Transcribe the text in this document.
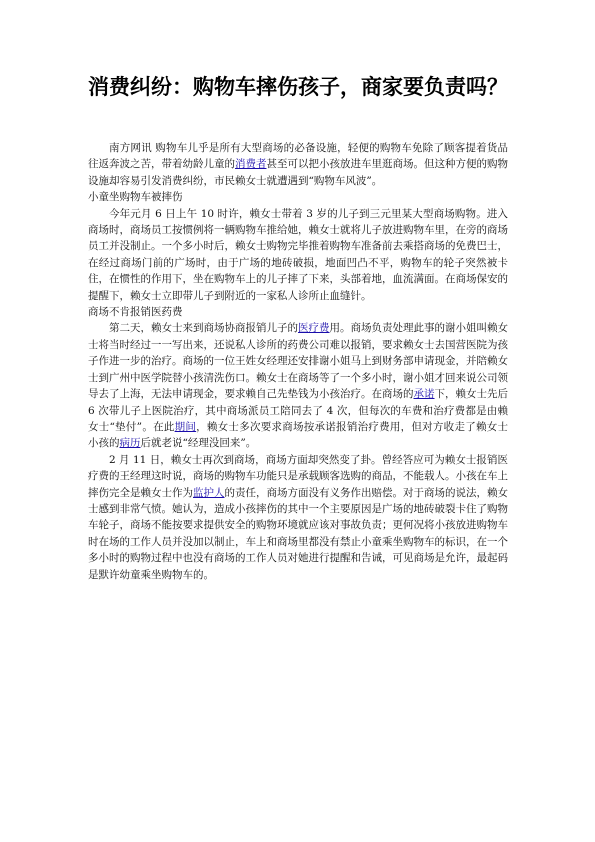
消费纠纷：购物车摔伤孩子，商家要负责吗？

南方网讯 购物车儿乎是所有大型商场的必备设施，轻便的购物车免除了顾客提着货品往返奔波之苦，带着幼龄儿童的消费者甚至可以把小孩放进车里逛商场。但这种方便的购物设施却容易引发消费纠纷，市民赖女士就遭遇到“购物车风波”。

小童坐购物车被摔伤

今年元月 6 日上午 10 时许，赖女士带着 3 岁的儿子到三元里某大型商场购物。进入商场时，商场员工按惯例将一辆购物车推给她，赖女士就将儿子放进购物车里，在旁的商场员工并没制止。一个多小时后，赖女士购物完毕推着购物车准备前去乘搭商场的免费巴士，在经过商场门前的广场时，由于广场的地砖破损，地面凹凸不平，购物车的轮子突然被卡住，在惯性的作用下，坐在购物车上的儿子摔了下来，头部着地，血流满面。在商场保安的提醒下，赖女士立即带儿子到附近的一家私人诊所止血缝针。

商场不肯报销医药费

第二天，赖女士来到商场协商报销儿子的医疗费用。商场负责处理此事的谢小姐叫赖女士将当时经过一一写出来，还说私人诊所的药费公司难以报销，要求赖女士去国营医院为孩子作进一步的治疗。商场的一位王姓女经理还安排谢小姐马上到财务部申请现金，并陪赖女士到广州中医学院替小孩清洗伤口。赖女士在商场等了一个多小时，谢小姐才回来说公司领导去了上海，无法申请现金，要求赖自己先垫钱为小孩治疗。在商场的承诺下，赖女士先后 6 次带儿子上医院治疗，其中商场派员工陪同去了 4 次，但每次的车费和治疗费都是由赖女士“垫付”。在此期间，赖女士多次要求商场按承诺报销治疗费用，但对方收走了赖女士小孩的病历后就老说“经理没回来”。

2 月 11 日，赖女士再次到商场，商场方面却突然变了卦。曾经答应可为赖女士报销医疗费的王经理这时说，商场的购物车功能只是承载顾客选购的商品，不能载人。小孩在车上摔伤完全是赖女士作为监护人的责任，商场方面没有义务作出赔偿。对于商场的说法，赖女士感到非常气愤。她认为，造成小孩摔伤的其中一个主要原因是广场的地砖破裂卡住了购物车轮子，商场不能按要求提供安全的购物环境就应该对事故负责；更何况将小孩放进购物车时在场的工作人员并没加以制止，车上和商场里都没有禁止小童乘坐购物车的标识，在一个多小时的购物过程中也没有商场的工作人员对她进行提醒和告诫，可见商场是允许，最起码是默许幼童乘坐购物车的。
